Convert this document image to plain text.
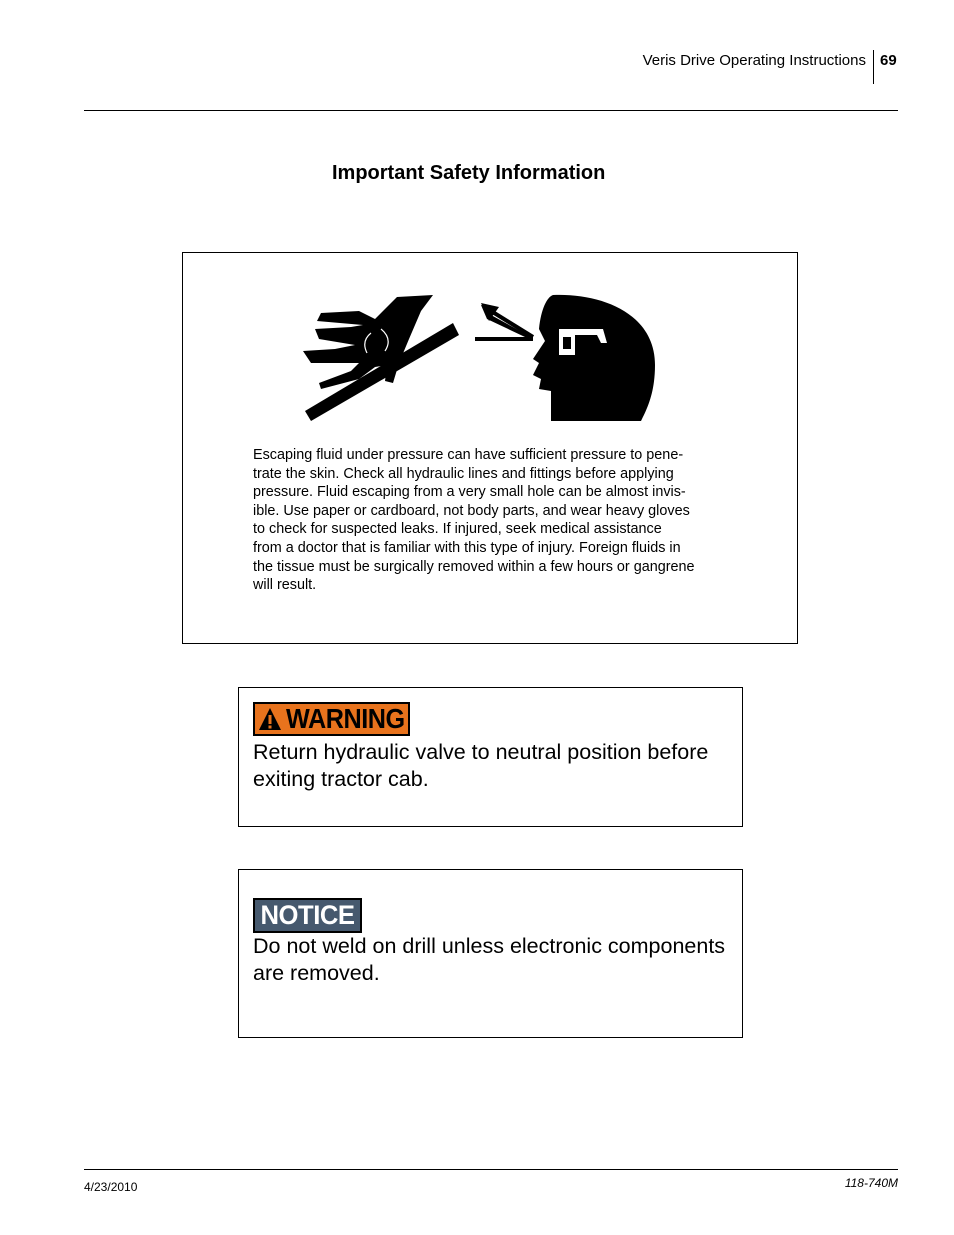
Veris Drive Operating Instructions 69
Important Safety Information
Escaping fluid under pressure can have sufficient pressure to pene-
trate the skin. Check all hydraulic lines and fittings before applying
pressure. Fluid escaping from a very small hole can be almost invis-
ible. Use paper or cardboard, not body parts, and wear heavy gloves
to check for suspected leaks. If injured, seek medical assistance
from a doctor that is familiar with this type of injury. Foreign fluids in
the tissue must be surgically removed within a few hours or gangrene
will result.
WARNING
Return hydraulic valve to neutral position before
exiting tractor cab.
NOTICE
Do not weld on drill unless electronic components
are removed.
4/23/2010	118-740M
